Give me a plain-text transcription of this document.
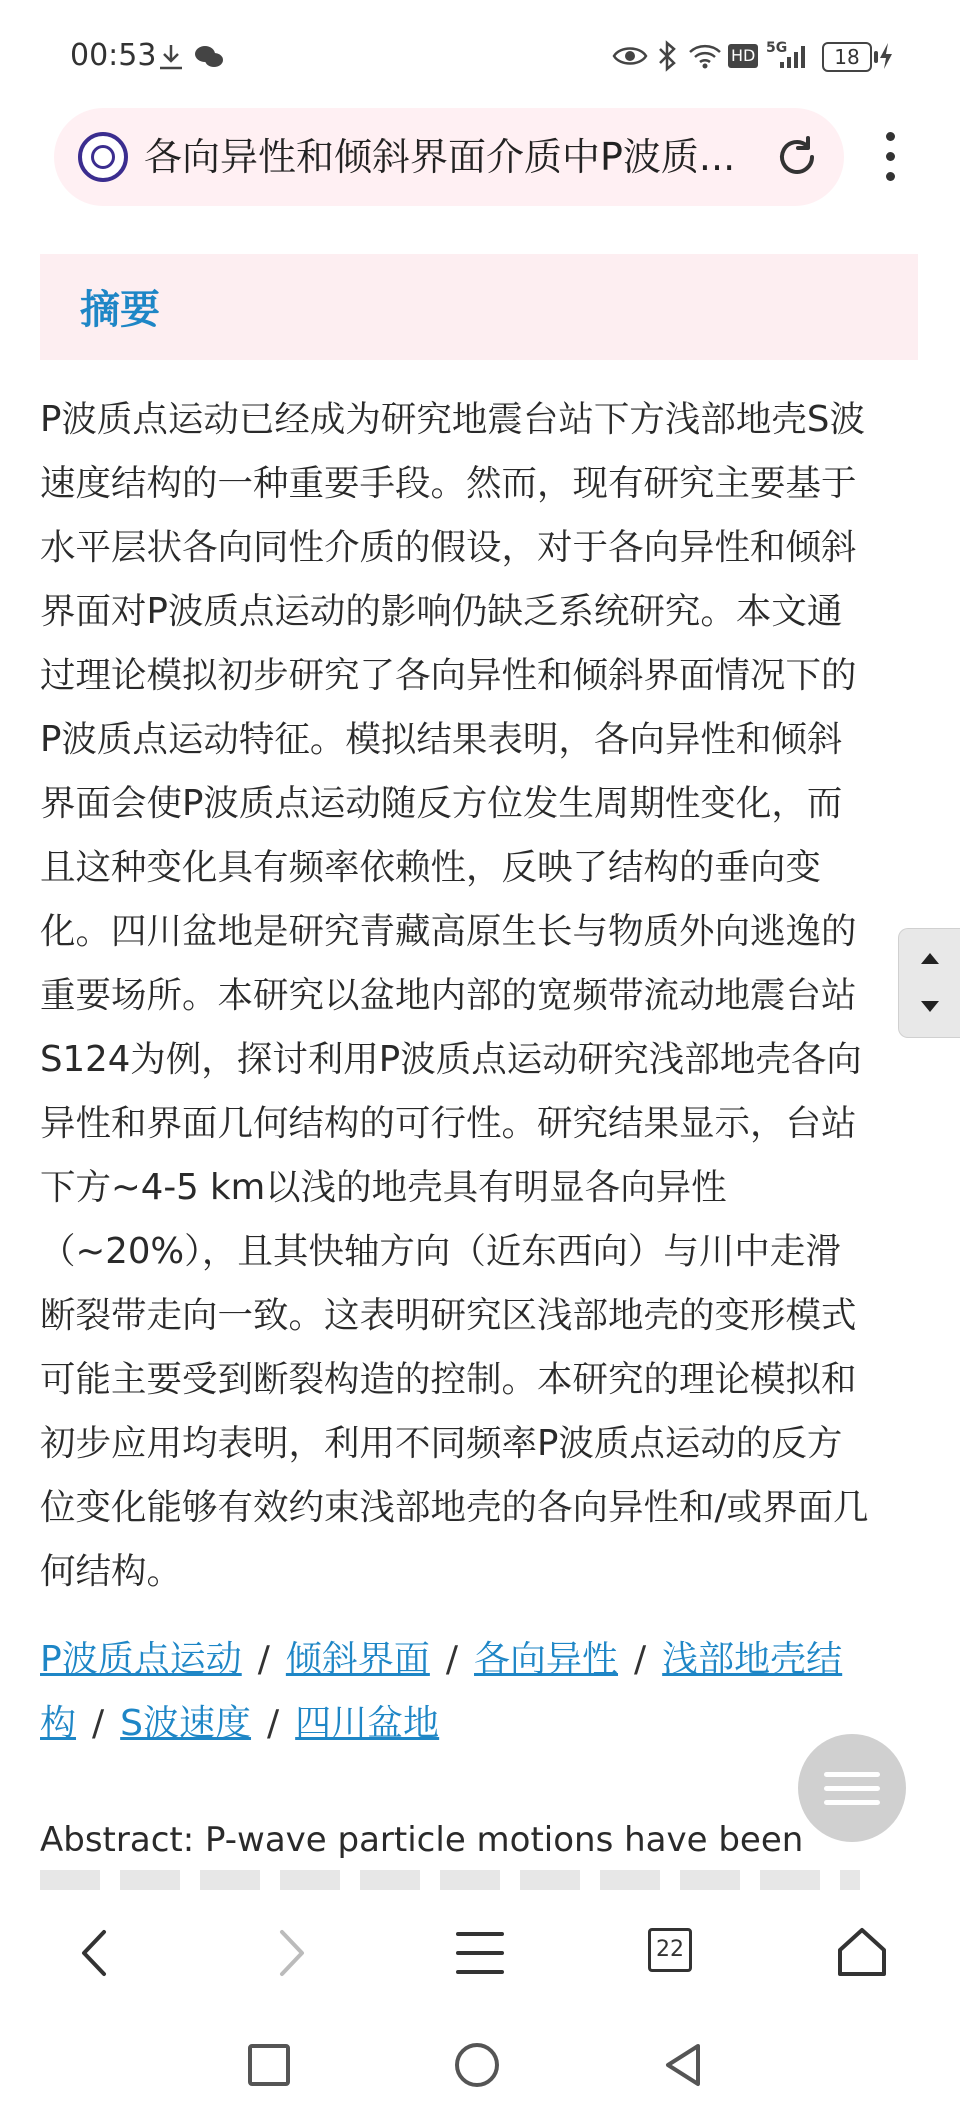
00:53	HD 5G	18
各向异性和倾斜界面介质中P波质...
摘要

P波质点运动已经成为研究地震台站下方浅部地壳S波
速度结构的一种重要手段。然而，现有研究主要基于
水平层状各向同性介质的假设，对于各向异性和倾斜
界面对P波质点运动的影响仍缺乏系统研究。本文通
过理论模拟初步研究了各向异性和倾斜界面情况下的
P波质点运动特征。模拟结果表明，各向异性和倾斜
界面会使P波质点运动随反方位发生周期性变化，而
且这种变化具有频率依赖性，反映了结构的垂向变
化。四川盆地是研究青藏高原生长与物质外向逃逸的
重要场所。本研究以盆地内部的宽频带流动地震台站
S124为例，探讨利用P波质点运动研究浅部地壳各向
异性和界面几何结构的可行性。研究结果显示，台站
下方~4-5 km以浅的地壳具有明显各向异性
（~20%），且其快轴方向（近东西向）与川中走滑
断裂带走向一致。这表明研究区浅部地壳的变形模式
可能主要受到断裂构造的控制。本研究的理论模拟和
初步应用均表明，利用不同频率P波质点运动的反方
位变化能够有效约束浅部地壳的各向异性和/或界面几
何结构。

P波质点运动 / 倾斜界面 / 各向异性 / 浅部地壳结
构 / S波速度 / 四川盆地
Abstract: P-wave particle motions have been
22
